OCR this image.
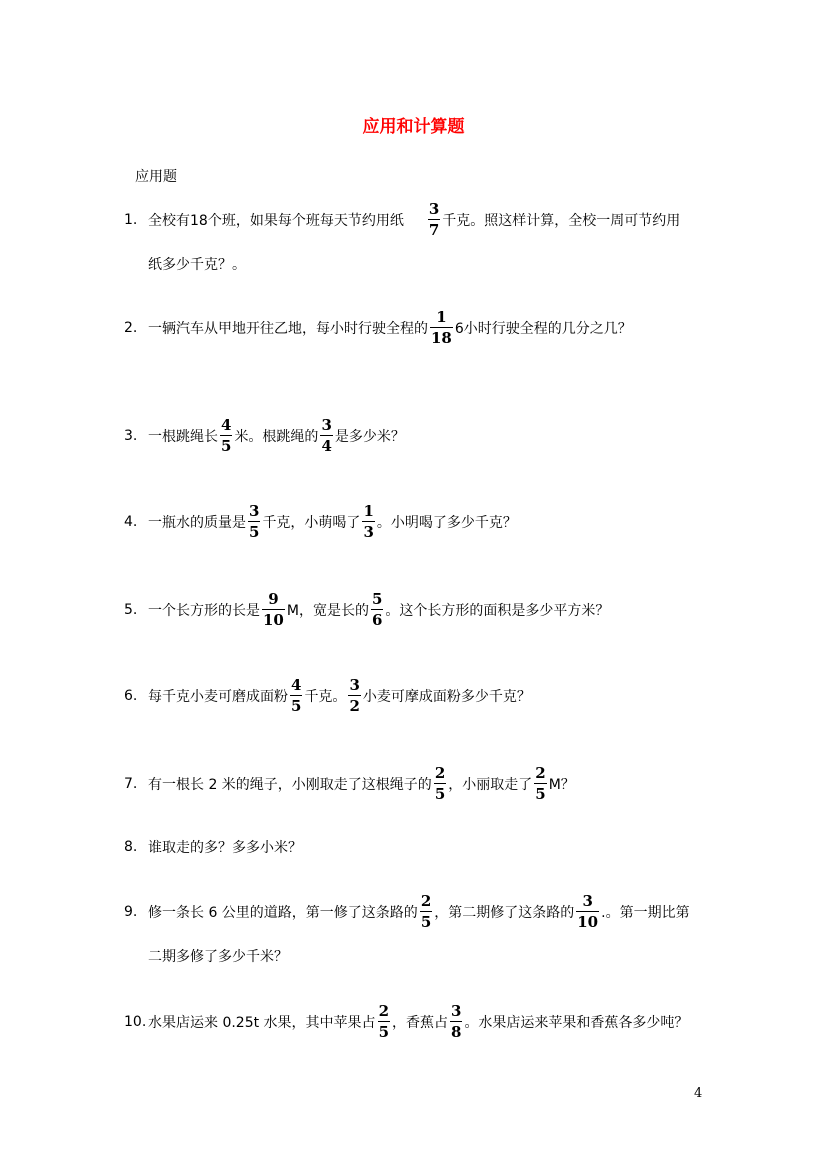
应用和计算题
应用题
1. 全校有18个班，如果每个班每天节约用纸 $\frac{3}{7}$ 千克。照这样计算，全校一周可节约用
纸多少千克？。
2. 一辆汽车从甲地开往乙地，每小时行驶全程的 $\frac{1}{18} 6$小时行驶全程的几分之几？
3. 一根跳绳长 $\frac{4}{5}$ 米。根跳绳的 $\frac{3}{4}$ 是多少米？
4. 一瓶水的质量是 $\frac{3}{5}$ 千克，小萌喝了 $\frac{1}{3}$ 。小明喝了多少千克？
5. 一个长方形的长是 $\frac{9}{10}$ M，宽是长的 $\frac{5}{6}$ 。这个长方形的面积是多少平方米？
6. 每千克小麦可磨成面粉 $\frac{4}{5}$ 千克。 $\frac{3}{2}$ 小麦可摩成面粉多少千克？
7. 有一根长 2 米的绳子，小刚取走了这根绳子的 $\frac{2}{5}$ ，小丽取走了 $\frac{2}{5}$ M？
8. 谁取走的多？多多小米？
9. 修一条长 6 公里的道路，第一修了这条路的 $\frac{2}{5}$ ，第二期修了这条路的 $\frac{3}{10}$ .。第一期比第
二期多修了多少千米？
10. 水果店运来 0.25t 水果，其中苹果占 $\frac{2}{5}$ ，香蕉占 $\frac{3}{8}$ 。水果店运来苹果和香蕉各多少吨？
4
